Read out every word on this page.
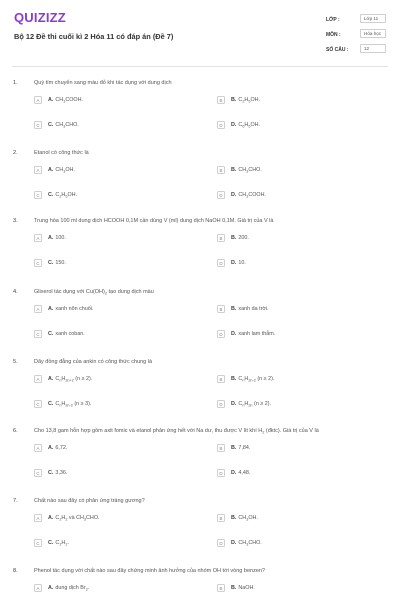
QUIZIZZ
Bộ 12 Đề thi cuối kì 2 Hóa 11 có đáp án (Đề 7)
LỚP :	Lớp 11
MÔN :	Hóa học
SỐ CÂU :	12
1.	Quỳ tím chuyển sang màu đỏ khi tác dụng với dung dịch
A	A. $CH_3COOH$.	B	B. $C_2H_5OH$.
C	C. $CH_3CHO$.	D	D. $C_6H_5OH$.
2.	Etanol có công thức là
A	A. $CH_3OH$.	B	B. $CH_3CHO$.
C	C. $C_2H_5OH$.	D	D. $CH_3COOH$.
3.	Trung hòa 100 ml dung dịch HCOOH 0,1M cần dùng V (ml) dung dịch NaOH 0,1M. Giá trị của V là
A	A. 100.	B	B. 200.
C	C. 150.	D	D. 10.
4.	Glixerol tác dụng với $Cu(OH)_2$ tạo dung dịch màu
A	A. xanh nõn chuối.	B	B. xanh da trời.
C	C. xanh coban.	D	D. xanh lam thẫm.
5.	Dãy đồng đẳng của ankin có công thức chung là
A	A. $C_nH_{2n+2}$ (n ≥ 2).	B	B. $C_nH_{2n-2}$ (n ≥ 2).
C	C. $C_nH_{2n-2}$ (n ≥ 3).	D	D. $C_nH_{2n}$ (n ≥ 2).
6.	Cho 13,8 gam hỗn hợp gồm axit fomic và etanol phản ứng hết với Na dư, thu được V lít khí $H_2$ (đktc). Giá trị của V là
A	A. 6,72.	B	B. 7,84.
C	C. 3,36.	D	D. 4,48.
7.	Chất nào sau đây có phản ứng tráng gương?
A	A. $C_2H_2$ và $CH_3CHO$.	B	B. $CH_3OH$.
C	C. $C_2H_2$.	D	D. $CH_3CHO$.
8.	Phenol tác dụng với chất nào sau đây chứng minh ảnh hưởng của nhóm OH tới vòng benzen?
A	A. dung dịch $Br_2$.	B	B. NaOH.
